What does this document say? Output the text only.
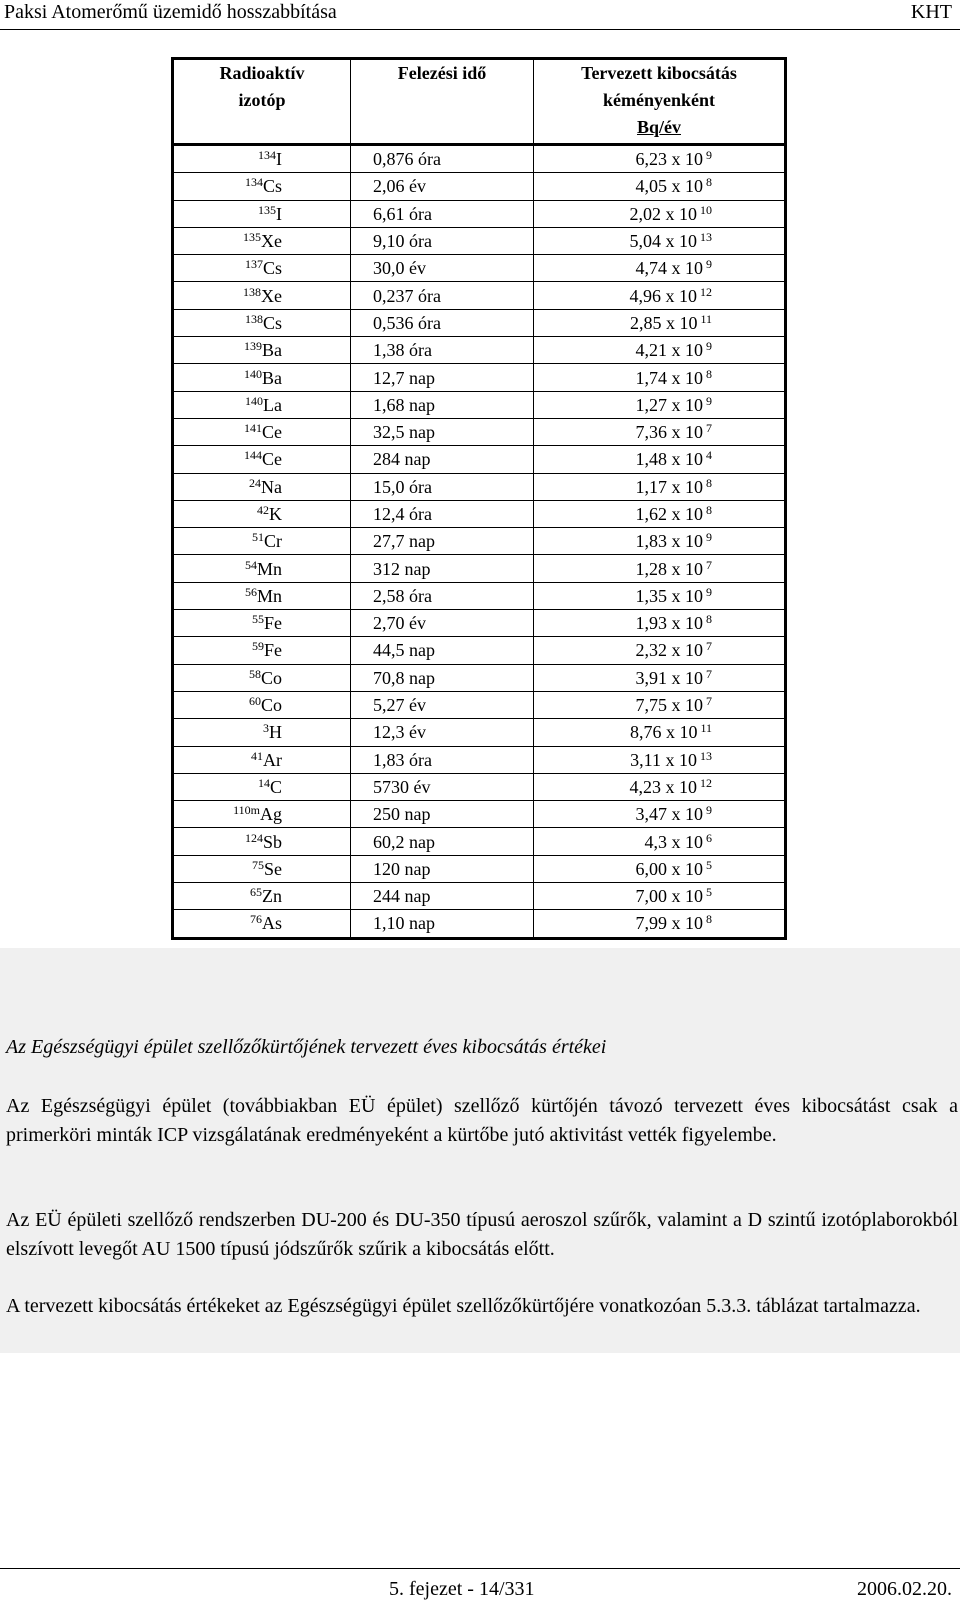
Paksi Atomerőmű üzemidő hosszabbítása	KHT
Radioaktív
izotóp	Felezési idő	Tervezett kibocsátás
kéményenként
Bq/év

$^{134}$I	0,876 óra	6,23 x 10 $^9$
$^{134}$Cs	2,06 év	4,05 x 10 $^8$
$^{135}$I	6,61 óra	2,02 x 10 $^{10}$
$^{135}$Xe	9,10 óra	5,04 x 10 $^{13}$
$^{137}$Cs	30,0 év	4,74 x 10 $^9$
$^{138}$Xe	0,237 óra	4,96 x 10 $^{12}$
$^{138}$Cs	0,536 óra	2,85 x 10 $^{11}$
$^{139}$Ba	1,38 óra	4,21 x 10 $^9$
$^{140}$Ba	12,7 nap	1,74 x 10 $^8$
$^{140}$La	1,68 nap	1,27 x 10 $^9$
$^{141}$Ce	32,5 nap	7,36 x 10 $^7$
$^{144}$Ce	284 nap	1,48 x 10 $^4$
$^{24}$Na	15,0 óra	1,17 x 10 $^8$
$^{42}$K	12,4 óra	1,62 x 10 $^8$
$^{51}$Cr	27,7 nap	1,83 x 10 $^9$
$^{54}$Mn	312 nap	1,28 x 10 $^7$
$^{56}$Mn	2,58 óra	1,35 x 10 $^9$
$^{55}$Fe	2,70 év	1,93 x 10 $^8$
$^{59}$Fe	44,5 nap	2,32 x 10 $^7$
$^{58}$Co	70,8 nap	3,91 x 10 $^7$
$^{60}$Co	5,27 év	7,75 x 10 $^7$
$^3$H	12,3 év	8,76 x 10 $^{11}$
$^{41}$Ar	1,83 óra	3,11 x 10 $^{13}$
$^{14}$C	5730 év	4,23 x 10 $^{12}$
$^{110m}$Ag	250 nap	3,47 x 10 $^9$
$^{124}$Sb	60,2 nap	4,3 x 10 $^6$
$^{75}$Se	120 nap	6,00 x 10 $^5$
$^{65}$Zn	244 nap	7,00 x 10 $^5$
$^{76}$As	1,10 nap	7,99 x 10 $^8$
Az Egészségügyi épület szellőzőkürtőjének tervezett éves kibocsátás értékei
Az Egészségügyi épület (továbbiakban EÜ épület) szellőző kürtőjén távozó tervezett éves kibocsátást csak a primerköri minták ICP vizsgálatának eredményeként a kürtőbe jutó aktivitást vették figyelembe.
Az EÜ épületi szellőző rendszerben DU-200 és DU-350 típusú aeroszol szűrők, valamint a D szintű izotóplaborokból elszívott levegőt AU 1500 típusú jódszűrők szűrik a kibocsátás előtt.
A tervezett kibocsátás értékeket az Egészségügyi épület szellőzőkürtőjére vonatkozóan 5.3.3. táblázat tartalmazza.
5. fejezet - 14/331	2006.02.20.
